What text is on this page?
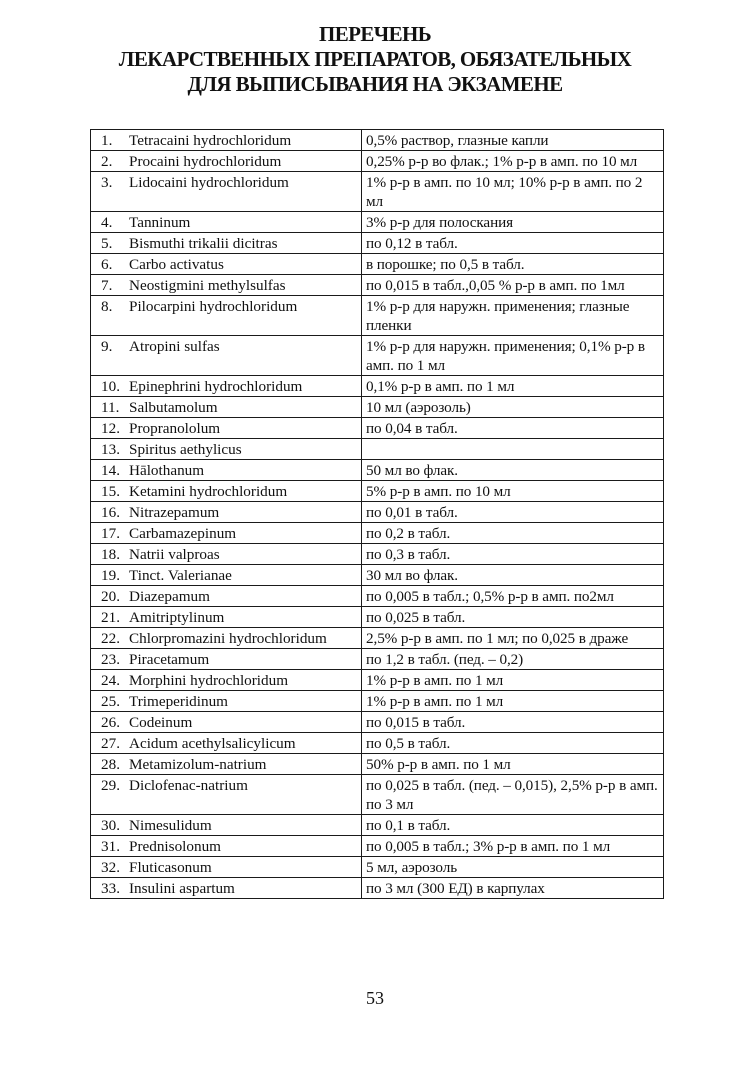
ПЕРЕЧЕНЬ
ЛЕКАРСТВЕННЫХ ПРЕПАРАТОВ, ОБЯЗАТЕЛЬНЫХ
ДЛЯ ВЫПИСЫВАНИЯ НА ЭКЗАМЕНЕ
1. Tetracaini hydrochloridum	0,5% раствор, глазные капли
2. Procaini hydrochloridum	0,25% р-р во флак.; 1% р-р в амп. по 10 мл
3. Lidocaini hydrochloridum	1% р-р в амп. по 10 мл; 10% р-р в амп. по 2 мл
4. Tanninum	3% р-р для полоскания
5. Bismuthi trikalii dicitras	по 0,12 в табл.
6. Carbo activatus	в порошке; по 0,5 в табл.
7. Neostigmini methylsulfas	по 0,015 в табл.,0,05 % р-р в амп. по 1мл
8. Pilocarpini hydrochloridum	1% р-р для наружн. применения; глазные пленки
9. Atropini sulfas	1% р-р для наружн. применения; 0,1% р-р в амп. по 1 мл
10. Epinephrini hydrochloridum	0,1% р-р в амп. по 1 мл
11. Salbutamolum	10 мл (аэрозоль)
12. Propranololum	по 0,04 в табл.
13. Spiritus aethylicus	
14. Hālothanum	50 мл во флак.
15. Ketamini hydrochloridum	5% р-р в амп. по 10 мл
16. Nitrazepamum	по 0,01 в табл.
17. Carbamazepinum	по 0,2 в табл.
18. Natrii valproas	по 0,3 в табл.
19. Tinct. Valerianae	30 мл во флак.
20. Diazepamum	по 0,005 в табл.; 0,5% р-р в амп. по2мл
21. Amitriptylinum	по 0,025 в табл.
22. Chlorpromazini hydrochloridum	2,5% р-р в амп. по 1 мл; по 0,025 в драже
23. Piracetamum	по 1,2 в табл. (пед. – 0,2)
24. Morphini hydrochloridum	1% р-р в амп. по 1 мл
25. Trimeperidinum	1% р-р в амп. по 1 мл
26. Codeinum	по 0,015 в табл.
27. Acidum acethylsalicylicum	по 0,5 в табл.
28. Metamizolum-natrium	50% р-р в амп. по 1 мл
29. Diclofenac-natrium	по 0,025 в табл. (пед. – 0,015), 2,5% р-р в амп. по 3 мл
30. Nimesulidum	по 0,1 в табл.
31. Prednisolonum	по 0,005 в табл.; 3% р-р в амп. по 1 мл
32. Fluticasonum	5 мл, аэрозоль
33. Insulini aspartum	по 3 мл (300 ЕД) в карпулах
53
